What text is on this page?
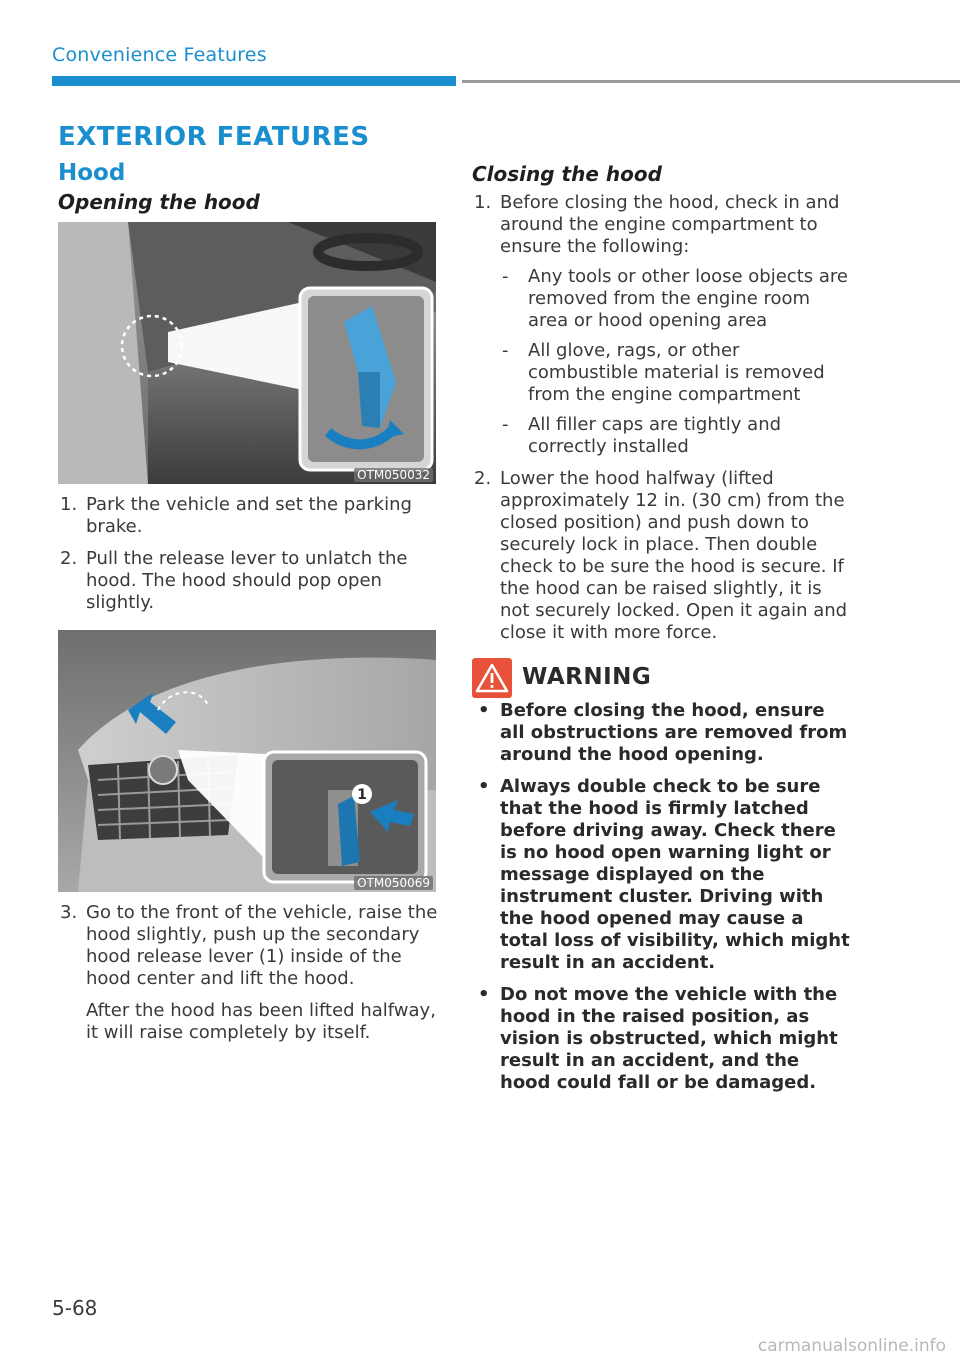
Convenience Features
EXTERIOR FEATURES
Hood
Opening the hood
OTM050032
1. Park the vehicle and set the parking brake.

2. Pull the release lever to unlatch the hood. The hood should pop open slightly.

1
OTM050069
3. Go to the front of the vehicle, raise the hood slightly, push up the secondary hood release lever (1) inside of the hood center and lift the hood.

After the hood has been lifted halfway, it will raise completely by itself.

Closing the hood
1. Before closing the hood, check in and around the engine compartment to ensure the following:

- Any tools or other loose objects are removed from the engine room area or hood opening area
- All glove, rags, or other combustible material is removed from the engine compartment
- All filler caps are tightly and correctly installed
2. Lower the hood halfway (lifted approximately 12 in. (30 cm) from the closed position) and push down to securely lock in place. Then double check to be sure the hood is secure. If the hood can be raised slightly, it is not securely locked. Open it again and close it with more force.

WARNING
• Before closing the hood, ensure all obstructions are removed from around the hood opening.
• Always double check to be sure that the hood is firmly latched before driving away. Check there is no hood open warning light or message displayed on the instrument cluster. Driving with the hood opened may cause a total loss of visibility, which might result in an accident.
• Do not move the vehicle with the hood in the raised position, as vision is obstructed, which might result in an accident, and the hood could fall or be damaged.
5-68
carmanualsonline.info
